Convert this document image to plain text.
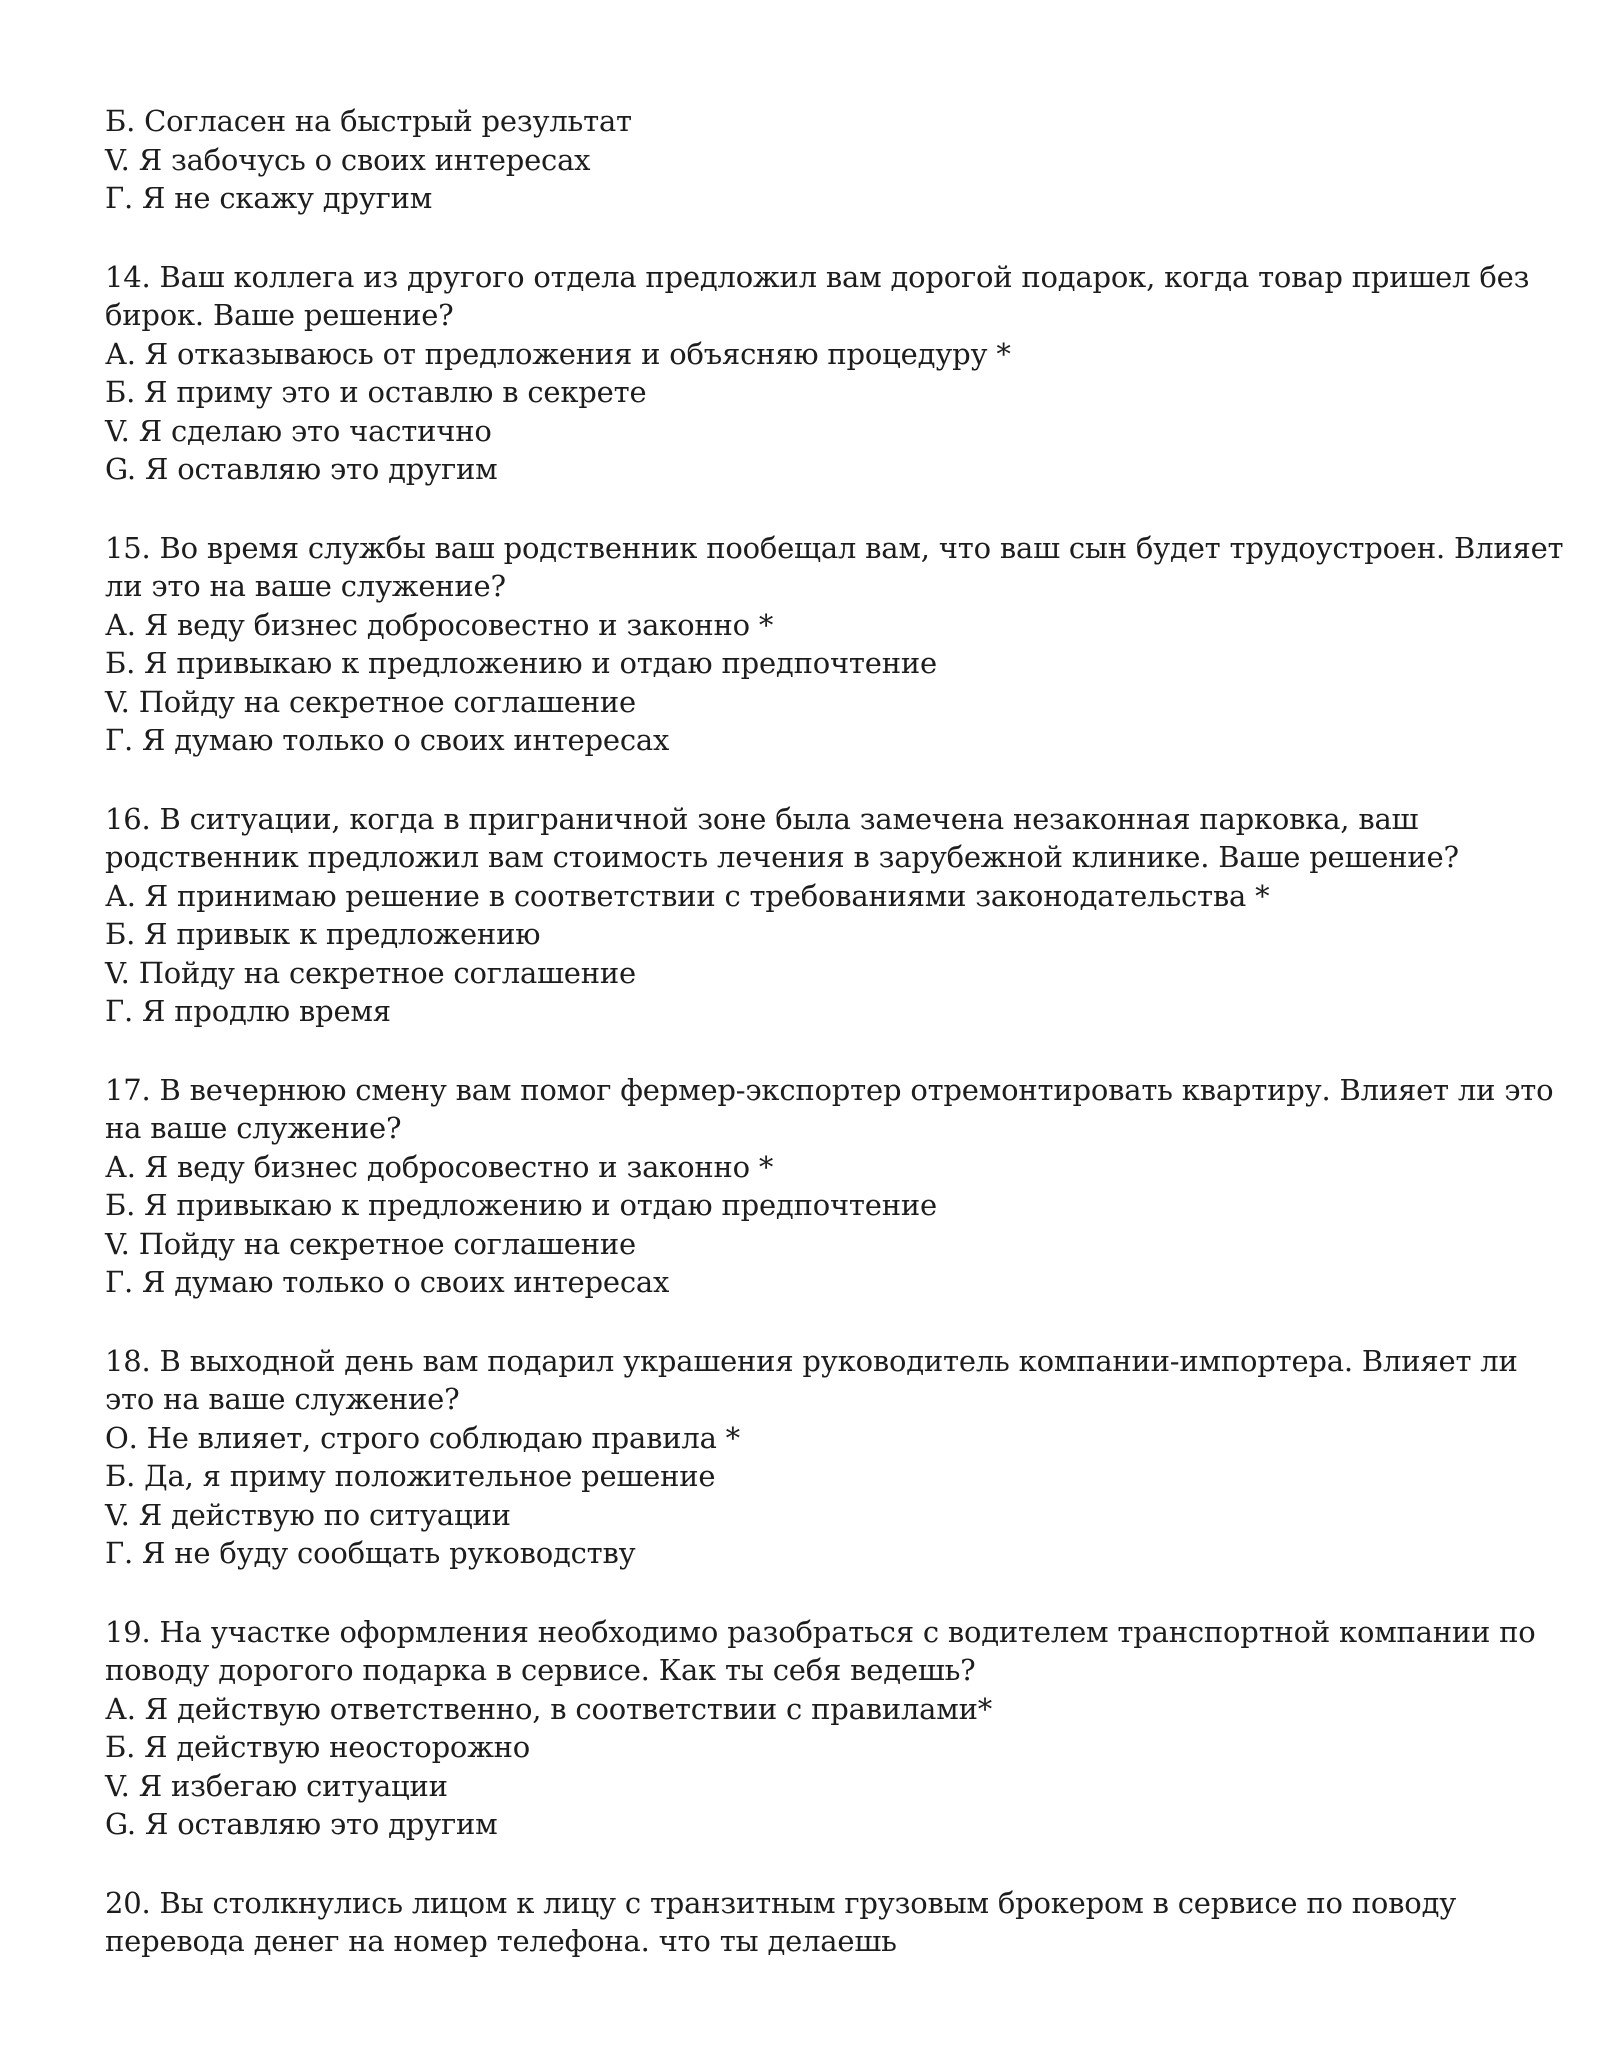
Б. Согласен на быстрый результат
V. Я забочусь о своих интересах
Г. Я не скажу другим
14. Ваш коллега из другого отдела предложил вам дорогой подарок, когда товар пришел без
бирок. Ваше решение?
А. Я отказываюсь от предложения и объясняю процедуру *
Б. Я приму это и оставлю в секрете
V. Я сделаю это частично
G. Я оставляю это другим
15. Во время службы ваш родственник пообещал вам, что ваш сын будет трудоустроен. Влияет
ли это на ваше служение?
А. Я веду бизнес добросовестно и законно *
Б. Я привыкаю к предложению и отдаю предпочтение
V. Пойду на секретное соглашение
Г. Я думаю только о своих интересах
16. В ситуации, когда в приграничной зоне была замечена незаконная парковка, ваш
родственник предложил вам стоимость лечения в зарубежной клинике. Ваше решение?
А. Я принимаю решение в соответствии с требованиями законодательства *
Б. Я привык к предложению
V. Пойду на секретное соглашение
Г. Я продлю время
17. В вечернюю смену вам помог фермер-экспортер отремонтировать квартиру. Влияет ли это
на ваше служение?
А. Я веду бизнес добросовестно и законно *
Б. Я привыкаю к предложению и отдаю предпочтение
V. Пойду на секретное соглашение
Г. Я думаю только о своих интересах
18. В выходной день вам подарил украшения руководитель компании-импортера. Влияет ли
это на ваше служение?
О. Не влияет, строго соблюдаю правила *
Б. Да, я приму положительное решение
V. Я действую по ситуации
Г. Я не буду сообщать руководству
19. На участке оформления необходимо разобраться с водителем транспортной компании по
поводу дорогого подарка в сервисе. Как ты себя ведешь?
А. Я действую ответственно, в соответствии с правилами*
Б. Я действую неосторожно
V. Я избегаю ситуации
G. Я оставляю это другим
20. Вы столкнулись лицом к лицу с транзитным грузовым брокером в сервисе по поводу
перевода денег на номер телефона. что ты делаешь
